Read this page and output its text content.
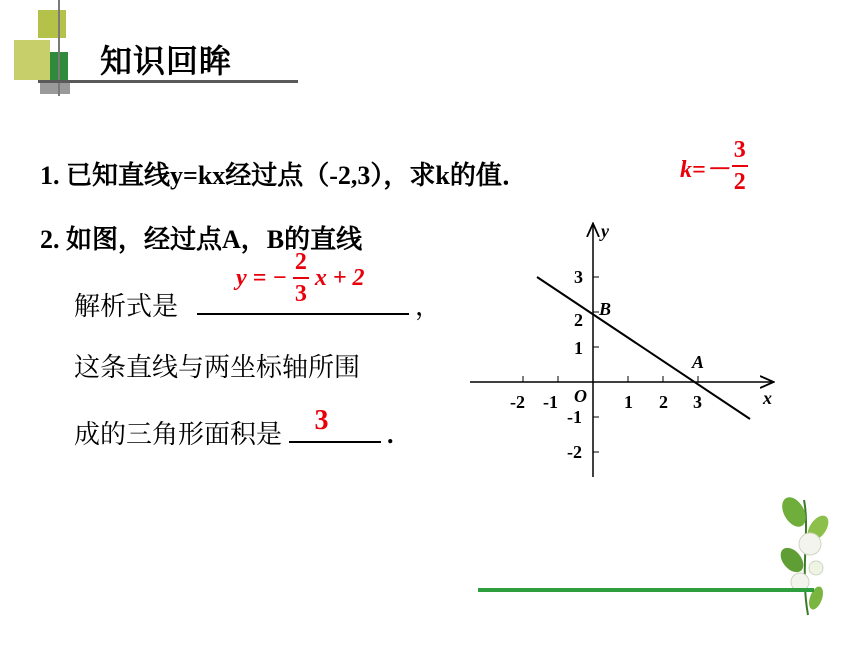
知识回眸
1. 已知直线y=kx经过点（-2,3），求k的值．	$k=- \frac{3}{2}$
2. 如图，经过点A，B的直线
解析式是	，
y = − $\frac{2}{3}$ x + 2
这条直线与两坐标轴所围
成的三角形面积是 3 .
y
x
O
B
A
-2 -1	1 2 3
3
2
1
-1
-2
